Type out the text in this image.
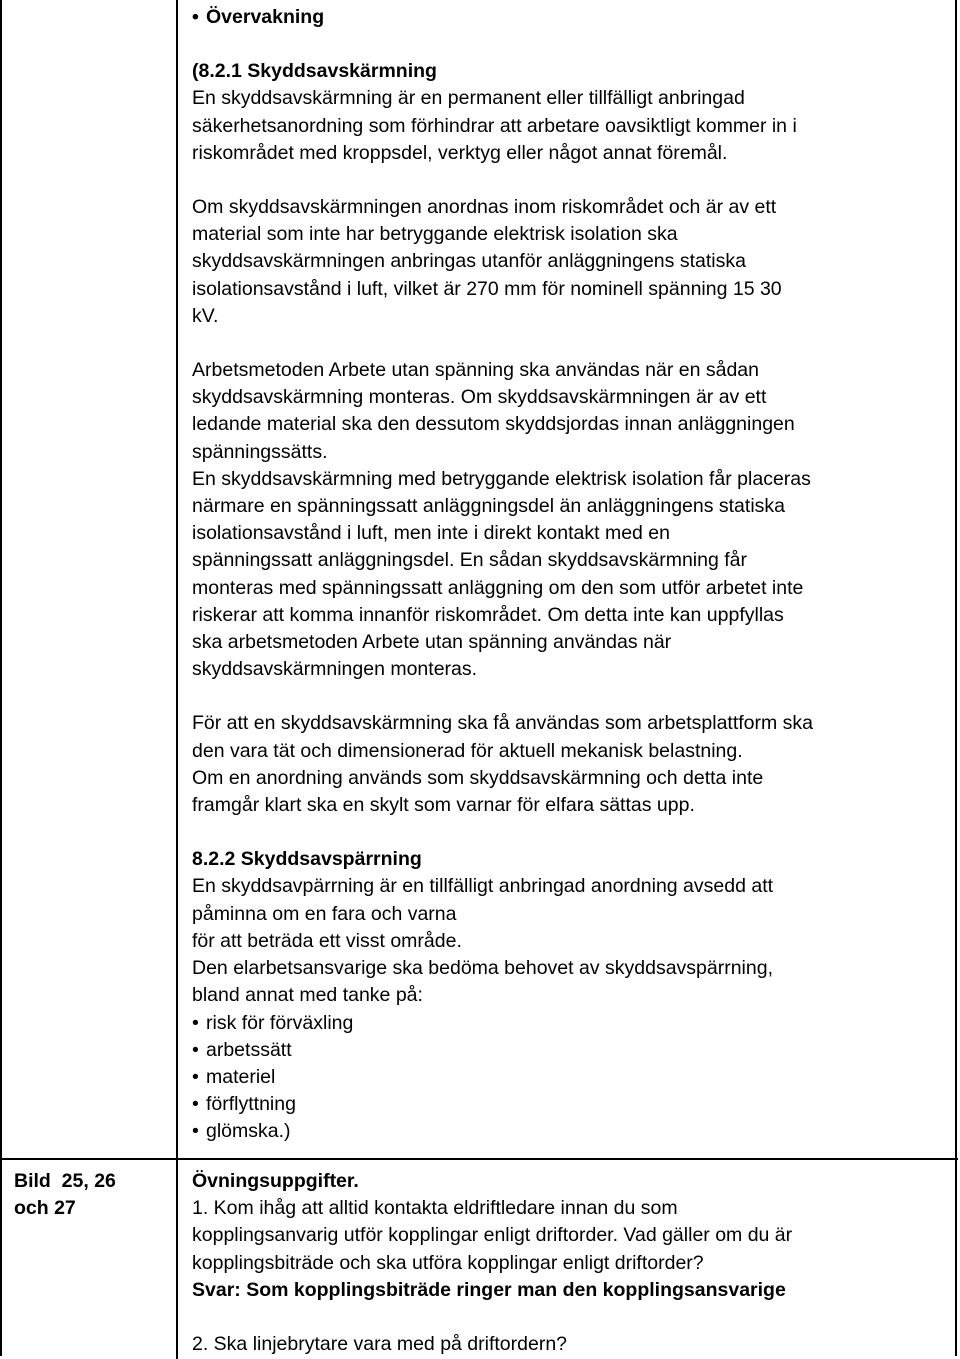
• Övervakning

(8.2.1 Skyddsavskärmning

En skyddsavskärmning är en permanent eller tillfälligt anbringad

säkerhetsanordning som förhindrar att arbetare oavsiktligt kommer in i

riskområdet med kroppsdel, verktyg eller något annat föremål.

Om skyddsavskärmningen anordnas inom riskområdet och är av ett

material som inte har betryggande elektrisk isolation ska

skyddsavskärmningen anbringas utanför anläggningens statiska

isolationsavstånd i luft, vilket är 270 mm för nominell spänning 15 30

kV.

Arbetsmetoden Arbete utan spänning ska användas när en sådan

skyddsavskärmning monteras. Om skyddsavskärmningen är av ett

ledande material ska den dessutom skyddsjordas innan anläggningen

spänningssätts.

En skyddsavskärmning med betryggande elektrisk isolation får placeras

närmare en spänningssatt anläggningsdel än anläggningens statiska

isolationsavstånd i luft, men inte i direkt kontakt med en

spänningssatt anläggningsdel. En sådan skyddsavskärmning får

monteras med spänningssatt anläggning om den som utför arbetet inte

riskerar att komma innanför riskområdet. Om detta inte kan uppfyllas

ska arbetsmetoden Arbete utan spänning användas när

skyddsavskärmningen monteras.

För att en skyddsavskärmning ska få användas som arbetsplattform ska

den vara tät och dimensionerad för aktuell mekanisk belastning.

Om en anordning används som skyddsavskärmning och detta inte

framgår klart ska en skylt som varnar för elfara sättas upp.

8.2.2 Skyddsavspärrning

En skyddsavpärrning är en tillfälligt anbringad anordning avsedd att

påminna om en fara och varna

för att beträda ett visst område.

Den elarbetsansvarige ska bedöma behovet av skyddsavspärrning,

bland annat med tanke på:

• risk för förväxling
• arbetssätt
• materiel
• förflyttning
• glömska.)
Bild  25, 26
och 27

Övningsuppgifter.

1. Kom ihåg att alltid kontakta eldriftledare innan du som

kopplingsanvarig utför kopplingar enligt driftorder. Vad gäller om du är

kopplingsbiträde och ska utföra kopplingar enligt driftorder?

Svar: Som kopplingsbiträde ringer man den kopplingsansvarige

2. Ska linjebrytare vara med på driftordern?
